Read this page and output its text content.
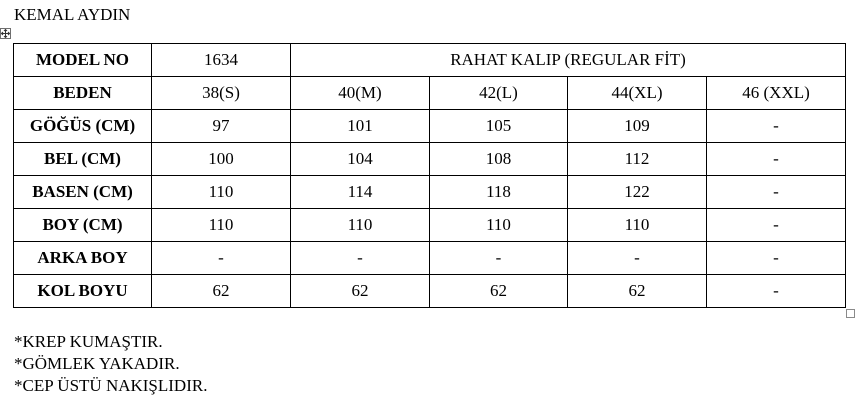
KEMAL AYDIN
MODEL NO	1634	RAHAT KALIP (REGULAR FİT)			
BEDEN	38(S)	40(M)	42(L)	44(XL)	46 (XXL)
GÖĞÜS (CM)	97	101	105	109	-
BEL (CM)	100	104	108	112	-
BASEN (CM)	110	114	118	122	-
BOY (CM)	110	110	110	110	-
ARKA BOY	-	-	-	-	-
KOL BOYU	62	62	62	62	-
*KREP KUMAŞTIR.
*GÖMLEK YAKADIR.
*CEP ÜSTÜ NAKIŞLIDIR.
